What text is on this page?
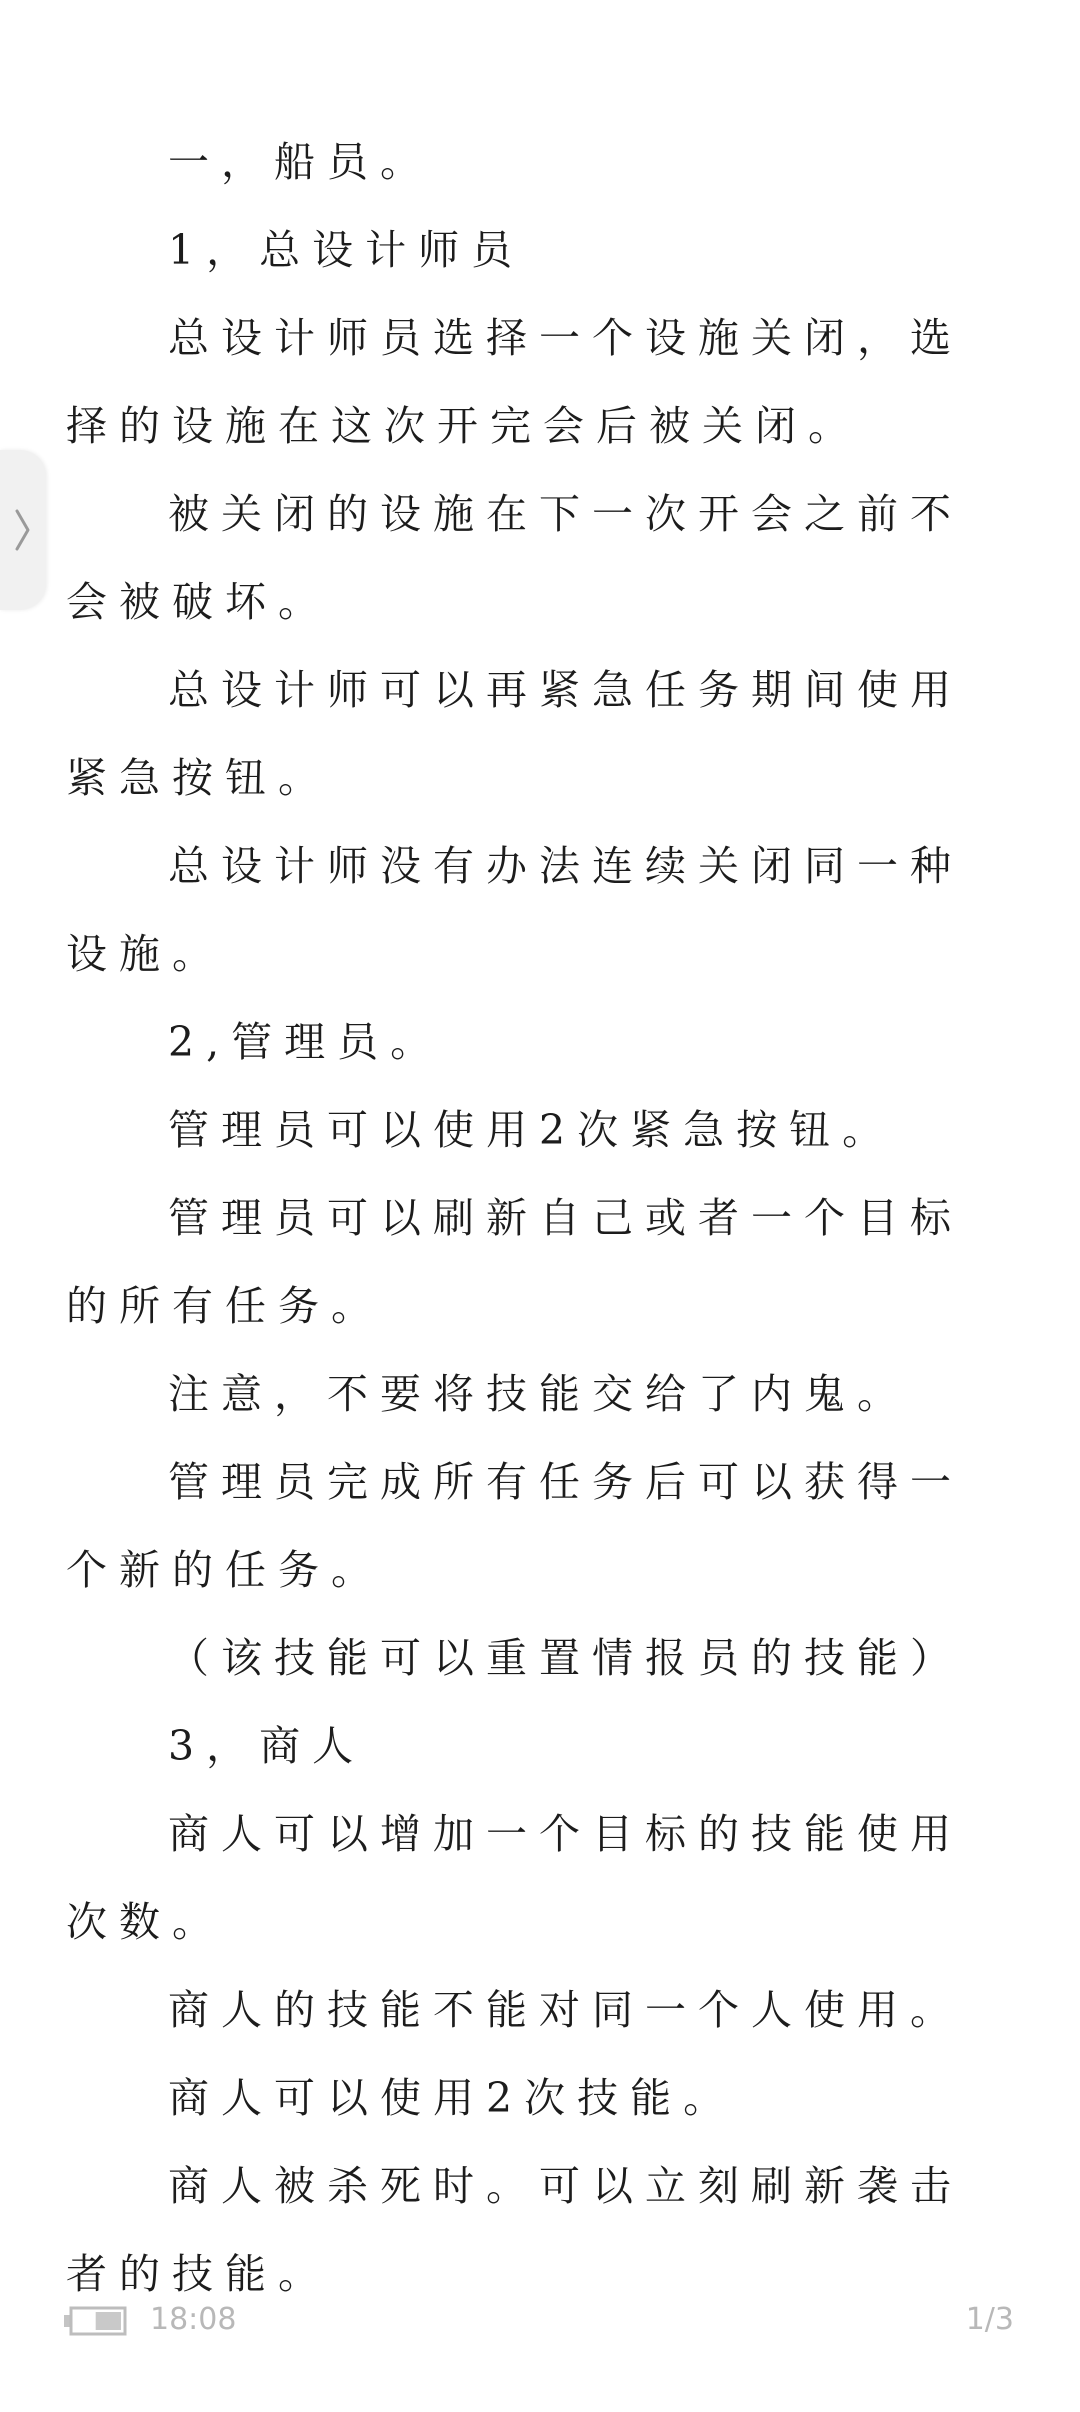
一，船员。

1，总设计师员

总设计师员选择一个设施关闭，选择的设施在这次开完会后被关闭。

被关闭的设施在下一次开会之前不会被破坏。

总设计师可以再紧急任务期间使用紧急按钮。

总设计师没有办法连续关闭同一种设施。

2,管理员。

管理员可以使用2次紧急按钮。

管理员可以刷新自己或者一个目标的所有任务。

注意，不要将技能交给了内鬼。

管理员完成所有任务后可以获得一个新的任务。

（该技能可以重置情报员的技能）

3，商人

商人可以增加一个目标的技能使用次数。

商人的技能不能对同一个人使用。

商人可以使用2次技能。

商人被杀死时。可以立刻刷新袭击者的技能。

18:08	1/3
